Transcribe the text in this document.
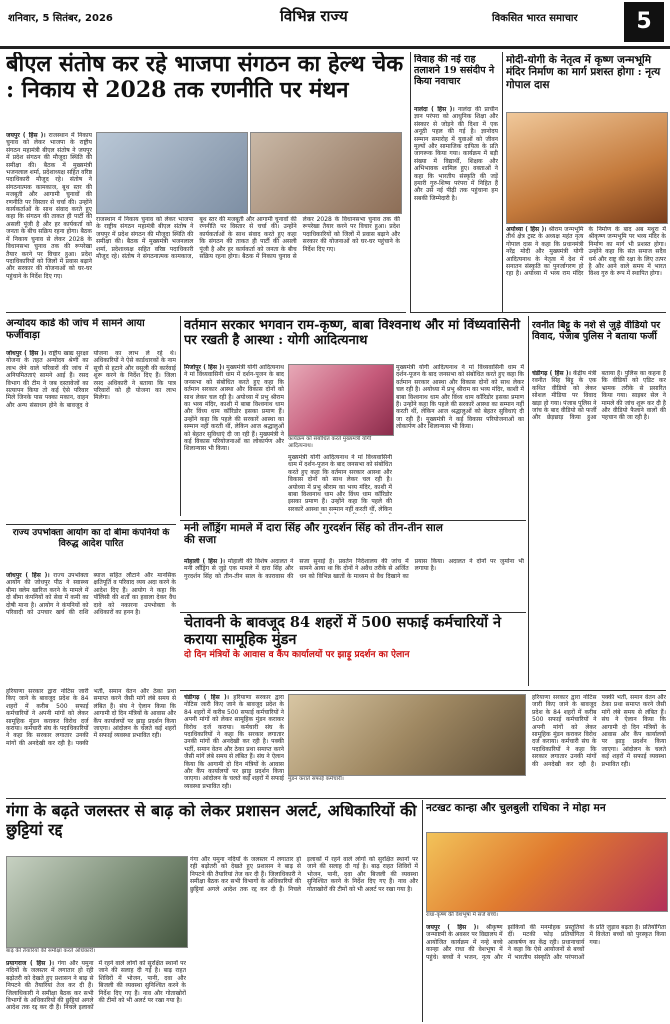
शनिवार, 5 सितंबर, 2026	विभिन्न राज्य	विकसित भारत समाचार	5
बीएल संतोष कर रहे भाजपा संगठन का हेल्थ चेक : निकाय से 2028 तक रणनीति पर मंथन
जयपुर ( हिंस )। राजस्थान में निकाय चुनाव को लेकर भाजपा के राष्ट्रीय संगठन महामंत्री बीएल संतोष ने जयपुर में प्रदेश संगठन की मौजूदा स्थिति की समीक्षा की। बैठक में मुख्यमंत्री भजनलाल शर्मा, प्रदेशाध्यक्ष सहित वरिष्ठ पदाधिकारी मौजूद रहे। संतोष ने संगठनात्मक कामकाज, बूथ स्तर की मजबूती और आगामी चुनावों की रणनीति पर विस्तार से चर्चा की। उन्होंने कार्यकर्ताओं के साथ संवाद करते हुए कहा कि संगठन की ताकत ही पार्टी की असली पूंजी है और हर कार्यकर्ता को जनता के बीच सक्रिय रहना होगा। बैठक में निकाय चुनाव से लेकर 2028 के विधानसभा चुनाव तक की रूपरेखा तैयार करने पर विचार हुआ। प्रदेश पदाधिकारियों को जिलों में प्रवास बढ़ाने और सरकार की योजनाओं को घर-घर पहुंचाने के निर्देश दिए गए।
राजस्थान में निकाय चुनाव को लेकर भाजपा के राष्ट्रीय संगठन महामंत्री बीएल संतोष ने जयपुर में प्रदेश संगठन की मौजूदा स्थिति की समीक्षा की। बैठक में मुख्यमंत्री भजनलाल शर्मा, प्रदेशाध्यक्ष सहित वरिष्ठ पदाधिकारी मौजूद रहे। संतोष ने संगठनात्मक कामकाज, बूथ स्तर की मजबूती और आगामी चुनावों की रणनीति पर विस्तार से चर्चा की। उन्होंने कार्यकर्ताओं के साथ संवाद करते हुए कहा कि संगठन की ताकत ही पार्टी की असली पूंजी है और हर कार्यकर्ता को जनता के बीच सक्रिय रहना होगा। बैठक में निकाय चुनाव से लेकर 2028 के विधानसभा चुनाव तक की रूपरेखा तैयार करने पर विचार हुआ। प्रदेश पदाधिकारियों को जिलों में प्रवास बढ़ाने और सरकार की योजनाओं को घर-घर पहुंचाने के निर्देश दिए गए।
विवाह की नई राह तलाशने 19 ससंदीप ने किया नवाचार
नालंदा ( हिंस )। नालंदा की प्राचीन ज्ञान परंपरा को आधुनिक शिक्षा और संस्कार से जोड़ने की दिशा में एक अनूठी पहल की गई है। ज्ञानोदय सम्मान समारोह में युवाओं को जीवन मूल्यों और सामाजिक दायित्व के प्रति जागरूक किया गया। कार्यक्रम में बड़ी संख्या में विद्यार्थी, शिक्षक और अभिभावक शामिल हुए। वक्ताओं ने कहा कि भारतीय संस्कृति की जड़ें हमारी गुरु-शिष्य परंपरा में निहित हैं और उसे नई पीढ़ी तक पहुंचाना हम सबकी जिम्मेदारी है।
मोदी-योगी के नेतृत्व में कृष्ण जन्मभूमि मंदिर निर्माण का मार्ग प्रशस्त होगा : नृत्य गोपाल दास
अयोध्या ( हिंस )। श्रीराम जन्मभूमि तीर्थ क्षेत्र ट्रस्ट के अध्यक्ष महंत नृत्य गोपाल दास ने कहा कि प्रधानमंत्री नरेंद्र मोदी और मुख्यमंत्री योगी आदित्यनाथ के नेतृत्व में देश में सनातन संस्कृति का पुनर्जागरण हो रहा है। अयोध्या में भव्य राम मंदिर के निर्माण के बाद अब मथुरा में श्रीकृष्ण जन्मभूमि पर भव्य मंदिर के निर्माण का मार्ग भी प्रशस्त होगा। उन्होंने कहा कि संत समाज सदैव धर्म और राष्ट्र की रक्षा के लिए तत्पर है और आने वाले समय में भारत विश्व गुरु के रूप में स्थापित होगा।
अन्योदय कार्ड की जांच में सामने आया फर्जीवाड़ा
जोधपुर ( हिंस )। राष्ट्रीय खाद्य सुरक्षा योजना के तहत अन्योदय श्रेणी का लाभ लेने वाले परिवारों की जांच में अनियमितताएं सामने आई हैं। रसद विभाग की टीम ने जब दस्तावेजों का सत्यापन किया तो कई ऐसे परिवार मिले जिनके पास पक्का मकान, वाहन और अन्य संसाधन होने के बावजूद वे योजना का लाभ ले रहे थे। अधिकारियों ने ऐसे कार्डधारकों के नाम सूची से हटाने और वसूली की कार्रवाई शुरू करने के निर्देश दिए हैं। जिला रसद अधिकारी ने बताया कि पात्र परिवारों को ही योजना का लाभ मिलेगा।
वर्तमान सरकार भगवान राम-कृष्ण, बाबा विश्वनाथ और मां विंध्यवासिनी पर रखती है आस्था : योगी आदित्यनाथ
मिर्जापुर ( हिंस )। मुख्यमंत्री योगी आदित्यनाथ ने मां विंध्यवासिनी धाम में दर्शन-पूजन के बाद जनसभा को संबोधित करते हुए कहा कि वर्तमान सरकार आस्था और विकास दोनों को साथ लेकर चल रही है। अयोध्या में प्रभु श्रीराम का भव्य मंदिर, काशी में बाबा विश्वनाथ धाम और विंध्य धाम कॉरिडोर इसका प्रमाण हैं। उन्होंने कहा कि पहले की सरकारें आस्था का सम्मान नहीं करती थीं, लेकिन आज श्रद्धालुओं को बेहतर सुविधाएं दी जा रही हैं। मुख्यमंत्री ने कई विकास परियोजनाओं का लोकार्पण और शिलान्यास भी किया।
कार्यक्रम को संबोधित करते मुख्यमंत्री योगी आदित्यनाथ।
मुख्यमंत्री योगी आदित्यनाथ ने मां विंध्यवासिनी धाम में दर्शन-पूजन के बाद जनसभा को संबोधित करते हुए कहा कि वर्तमान सरकार आस्था और विकास दोनों को साथ लेकर चल रही है। अयोध्या में प्रभु श्रीराम का भव्य मंदिर, काशी में बाबा विश्वनाथ धाम और विंध्य धाम कॉरिडोर इसका प्रमाण हैं। उन्होंने कहा कि पहले की सरकारें आस्था का सम्मान नहीं करती थीं, लेकिन
मुख्यमंत्री योगी आदित्यनाथ ने मां विंध्यवासिनी धाम में दर्शन-पूजन के बाद जनसभा को संबोधित करते हुए कहा कि वर्तमान सरकार आस्था और विकास दोनों को साथ लेकर चल रही है। अयोध्या में प्रभु श्रीराम का भव्य मंदिर, काशी में बाबा विश्वनाथ धाम और विंध्य धाम कॉरिडोर इसका प्रमाण हैं। उन्होंने कहा कि पहले की सरकारें आस्था का सम्मान नहीं करती थीं, लेकिन आज श्रद्धालुओं को बेहतर सुविधाएं दी जा रही हैं। मुख्यमंत्री ने कई विकास परियोजनाओं का लोकार्पण और शिलान्यास भी किया।
रवनीत बिट्टू के नशे से जुड़े वीडियो पर विवाद, पंजाब पुलिस ने बताया फर्जी
चंडीगढ़ ( हिंस )। केंद्रीय मंत्री रवनीत सिंह बिट्टू के एक कथित वीडियो को लेकर सोशल मीडिया पर विवाद खड़ा हो गया। पंजाब पुलिस ने जांच के बाद वीडियो को फर्जी और छेड़छाड़ किया हुआ बताया है। पुलिस का कहना है कि वीडियो को एडिट कर भ्रामक तरीके से प्रसारित किया गया। साइबर सेल ने मामले की जांच शुरू कर दी है और वीडियो फैलाने वालों की पहचान की जा रही है।
मनी लॉंड्रिंग मामले में दारा सिंह और गुरदर्शन सिंह को तीन-तीन साल की सजा
मोहाली ( हिंस )। मोहाली की विशेष अदालत ने मनी लॉंड्रिंग से जुड़े एक मामले में दारा सिंह और गुरदर्शन सिंह को तीन-तीन साल के कारावास की सजा सुनाई है। प्रवर्तन निदेशालय की जांच में सामने आया था कि दोनों ने अवैध तरीके से अर्जित धन को विभिन्न खातों के माध्यम से वैध दिखाने का प्रयास किया। अदालत ने दोनों पर जुर्माना भी लगाया है।
राज्य उपभोक्ता आयोग का दो बीमा कंपनियों के विरुद्ध आदेश पारित
जोधपुर ( हिंस )। राज्य उपभोक्ता आयोग की जोधपुर पीठ ने स्वास्थ्य बीमा क्लेम खारिज करने के मामले में दो बीमा कंपनियों को सेवा में कमी का दोषी माना है। आयोग ने कंपनियों को परिवादी को उपचार खर्च की राशि ब्याज सहित लौटाने और मानसिक क्षतिपूर्ति व परिवाद व्यय अदा करने के आदेश दिए हैं। आयोग ने कहा कि पॉलिसी की शर्तों का हवाला देकर वैध दावे को नकारना उपभोक्ता के अधिकारों का हनन है।
चेतावनी के बावजूद 84 शहरों में 500 सफाई कर्मचारियों ने कराया सामूहिक मुंडन
दो दिन मंत्रियों के आवास व कैंप कार्यालयों पर झाड़ू प्रदर्शन का ऐलान
चंडीगढ़ ( हिंस )। हरियाणा सरकार द्वारा नोटिस जारी किए जाने के बावजूद प्रदेश के 84 शहरों में करीब 500 सफाई कर्मचारियों ने अपनी मांगों को लेकर सामूहिक मुंडन कराकर विरोध दर्ज कराया। कर्मचारी संघ के पदाधिकारियों ने कहा कि सरकार लगातार उनकी मांगों की अनदेखी कर रही है। पक्की भर्ती, समान वेतन और ठेका प्रथा समाप्त करने जैसी मांगें लंबे समय से लंबित हैं। संघ ने ऐलान किया कि आगामी दो दिन मंत्रियों के आवास और कैंप कार्यालयों पर झाड़ू प्रदर्शन किया जाएगा। आंदोलन के चलते कई शहरों में सफाई व्यवस्था प्रभावित रही।
मुंडन कराते सफाई कर्मचारी।
हरियाणा सरकार द्वारा नोटिस जारी किए जाने के बावजूद प्रदेश के 84 शहरों में करीब 500 सफाई कर्मचारियों ने अपनी मांगों को लेकर सामूहिक मुंडन कराकर विरोध दर्ज कराया। कर्मचारी संघ के पदाधिकारियों ने कहा कि सरकार लगातार उनकी मांगों की अनदेखी कर रही है। पक्की भर्ती, समान वेतन और ठेका प्रथा समाप्त करने जैसी मांगें लंबे समय से लंबित हैं। संघ ने ऐलान किया कि आगामी दो दिन मंत्रियों के आवास और कैंप कार्यालयों पर झाड़ू प्रदर्शन किया जाएगा। आंदोलन के चलते कई शहरों में सफाई व्यवस्था प्रभावित रही।
हरियाणा सरकार द्वारा नोटिस जारी किए जाने के बावजूद प्रदेश के 84 शहरों में करीब 500 सफाई कर्मचारियों ने अपनी मांगों को लेकर सामूहिक मुंडन कराकर विरोध दर्ज कराया। कर्मचारी संघ के पदाधिकारियों ने कहा कि सरकार लगातार उनकी मांगों की अनदेखी कर रही है। पक्की भर्ती, समान वेतन और ठेका प्रथा समाप्त करने जैसी मांगें लंबे समय से लंबित हैं। संघ ने ऐलान किया कि आगामी दो दिन मंत्रियों के आवास और कैंप कार्यालयों पर झाड़ू प्रदर्शन किया जाएगा। आंदोलन के चलते कई शहरों में सफाई व्यवस्था प्रभावित रही।
गंगा के बढ़ते जलस्तर से बाढ़ को लेकर प्रशासन अलर्ट, अधिकारियों की छुट्टियां रद्द
बाढ़ की तैयारियों की समीक्षा करते अधिकारी।
प्रयागराज ( हिंस )। गंगा और यमुना नदियों के जलस्तर में लगातार हो रही बढ़ोतरी को देखते हुए प्रशासन ने बाढ़ से निपटने की तैयारियां तेज कर दी हैं। जिलाधिकारी ने समीक्षा बैठक कर सभी विभागों के अधिकारियों की छुट्टियां अगले आदेश तक रद्द कर दी हैं। निचले इलाकों में रहने वाले लोगों को सुरक्षित स्थानों पर जाने की सलाह दी गई है। बाढ़ राहत शिविरों में भोजन, पानी, दवा और बिजली की व्यवस्था सुनिश्चित करने के निर्देश दिए गए हैं। नाव और गोताखोरों की टीमों को भी अलर्ट पर रखा गया है।
गंगा और यमुना नदियों के जलस्तर में लगातार हो रही बढ़ोतरी को देखते हुए प्रशासन ने बाढ़ से निपटने की तैयारियां तेज कर दी हैं। जिलाधिकारी ने समीक्षा बैठक कर सभी विभागों के अधिकारियों की छुट्टियां अगले आदेश तक रद्द कर दी हैं। निचले इलाकों में रहने वाले लोगों को सुरक्षित स्थानों पर जाने की सलाह दी गई है। बाढ़ राहत शिविरों में भोजन, पानी, दवा और बिजली की व्यवस्था सुनिश्चित करने के निर्देश दिए गए हैं। नाव और गोताखोरों की टीमों को भी अलर्ट पर रखा गया है।
नटखट कान्हा और चुलबुली राधिका ने मोहा मन
राधा-कृष्ण की वेशभूषा में सजे बच्चे।
जयपुर ( हिंस )। श्रीकृष्ण जन्माष्टमी के अवसर पर विद्यालय में आयोजित कार्यक्रम में नन्हे बच्चे कान्हा और राधा की वेशभूषा में पहुंचे। बच्चों ने भजन, नृत्य और झांकियों की मनमोहक प्रस्तुतियां दीं। मटकी फोड़ प्रतियोगिता आकर्षण का केंद्र रही। प्रधानाचार्य ने कहा कि ऐसे आयोजनों से बच्चों में भारतीय संस्कृति और परंपराओं के प्रति जुड़ाव बढ़ता है। प्रतियोगिता में विजेता बच्चों को पुरस्कृत किया गया।
